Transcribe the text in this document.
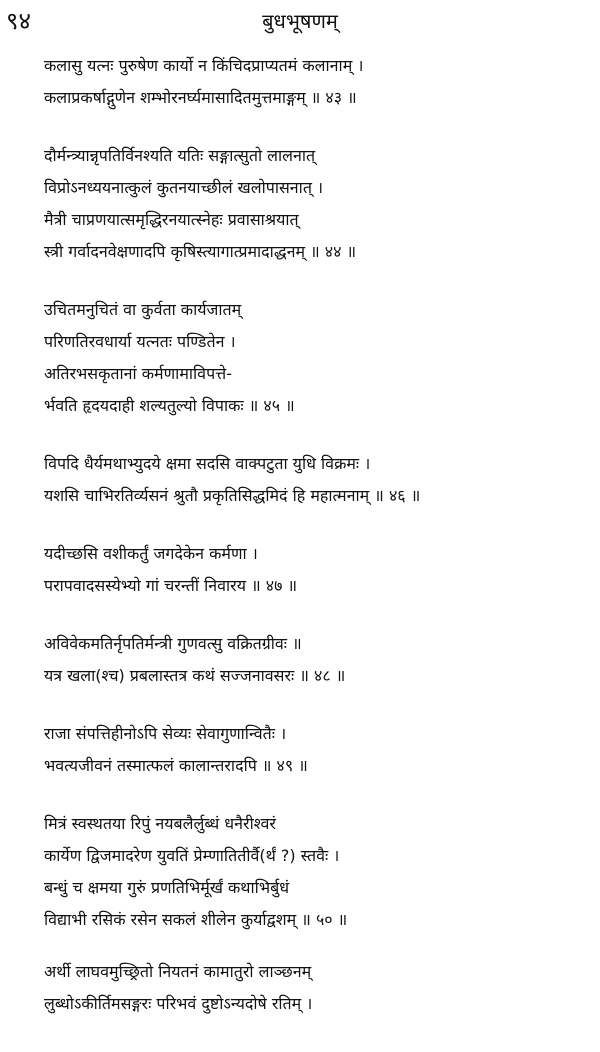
९४	बुधभूषणम्
कलासु यत्नः पुरुषेण कार्यो न किंचिदप्राप्यतमं कलानाम् ।
कलाप्रकर्षाद्गुणेन शम्भोरनर्घ्यमासादितमुत्तमाङ्गम् ॥ ४३ ॥
दौर्मन्त्र्यान्नृपतिर्विनश्यति यतिः सङ्गात्सुतो लालनात्
विप्रोऽनध्ययनात्कुलं कुतनयाच्छीलं खलोपासनात् ।
मैत्री चाप्रणयात्समृद्धिरनयात्स्नेहः प्रवासाश्रयात्
स्त्री गर्वादनवेक्षणादपि कृषिस्त्यागात्प्रमादाद्धनम् ॥ ४४ ॥
उचितमनुचितं वा कुर्वता कार्यजातम्
परिणतिरवधार्या यत्नतः पण्डितेन ।
अतिरभसकृतानां कर्मणामाविपत्ते-
र्भवति हृदयदाही शल्यतुल्यो विपाकः ॥ ४५ ॥
विपदि धैर्यमथाभ्युदये क्षमा सदसि वाक्पटुता युधि विक्रमः ।
यशसि चाभिरतिर्व्यसनं श्रुतौ प्रकृतिसिद्धमिदं हि महात्मनाम् ॥ ४६ ॥
यदीच्छसि वशीकर्तुं जगदेकेन कर्मणा ।
परापवादसस्येभ्यो गां चरन्तीं निवारय ॥ ४७ ॥
अविवेकमतिर्नृपतिर्मन्त्री गुणवत्सु वक्रितग्रीवः ॥
यत्र खला(श्च) प्रबलास्तत्र कथं सज्जनावसरः ॥ ४८ ॥
राजा संपत्तिहीनोऽपि सेव्यः सेवागुणान्वितैः ।
भवत्यजीवनं तस्मात्फलं कालान्तरादपि ॥ ४९ ॥
मित्रं स्वस्थतया रिपुं नयबलैर्लुब्धं धनैरीश्वरं
कार्येण द्विजमादरेण युवतिं प्रेम्णातितीर्वै(र्थं ?) स्तवैः ।
बन्धुं च क्षमया गुरुं प्रणतिभिर्मूर्खं कथाभिर्बुधं
विद्याभी रसिकं रसेन सकलं शीलेन कुर्याद्वशम् ॥ ५० ॥
अर्थी लाघवमुच्छ्रितो नियतनं कामातुरो लाञ्छनम्
लुब्धोऽकीर्तिमसङ्गरः परिभवं दुष्टोऽन्यदोषे रतिम् ।
